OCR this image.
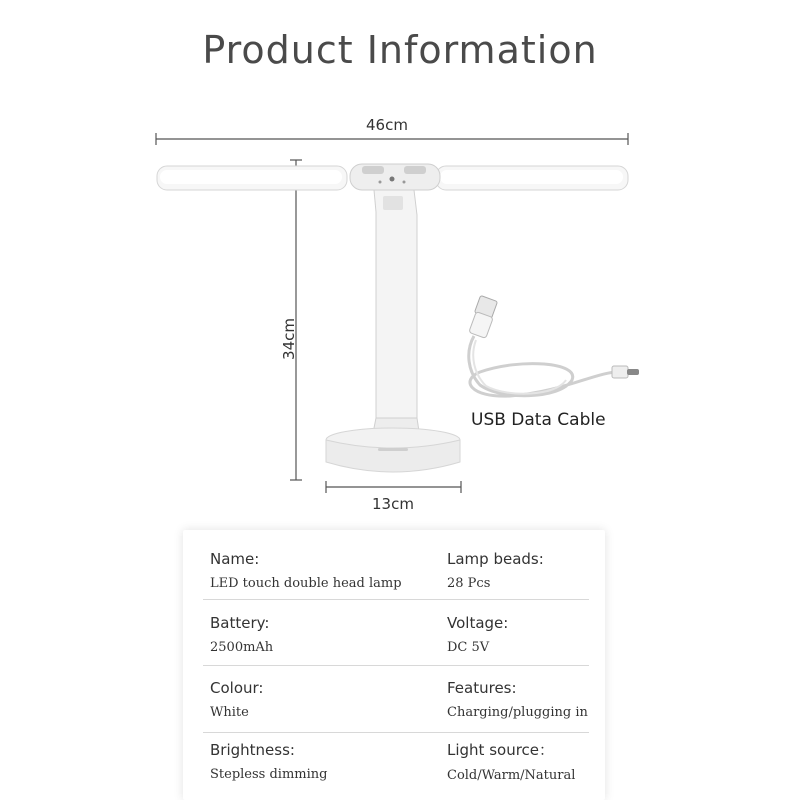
Product Information
46cm
34cm
13cm
USB Data Cable
Name:
LED touch double head lamp
Lamp beads:
28 Pcs
Battery:
2500mAh
Voltage:
DC 5V
Colour:
White
Features:
Charging/plugging in
Brightness:
Stepless dimming
Light source：
Cold/Warm/Natural
